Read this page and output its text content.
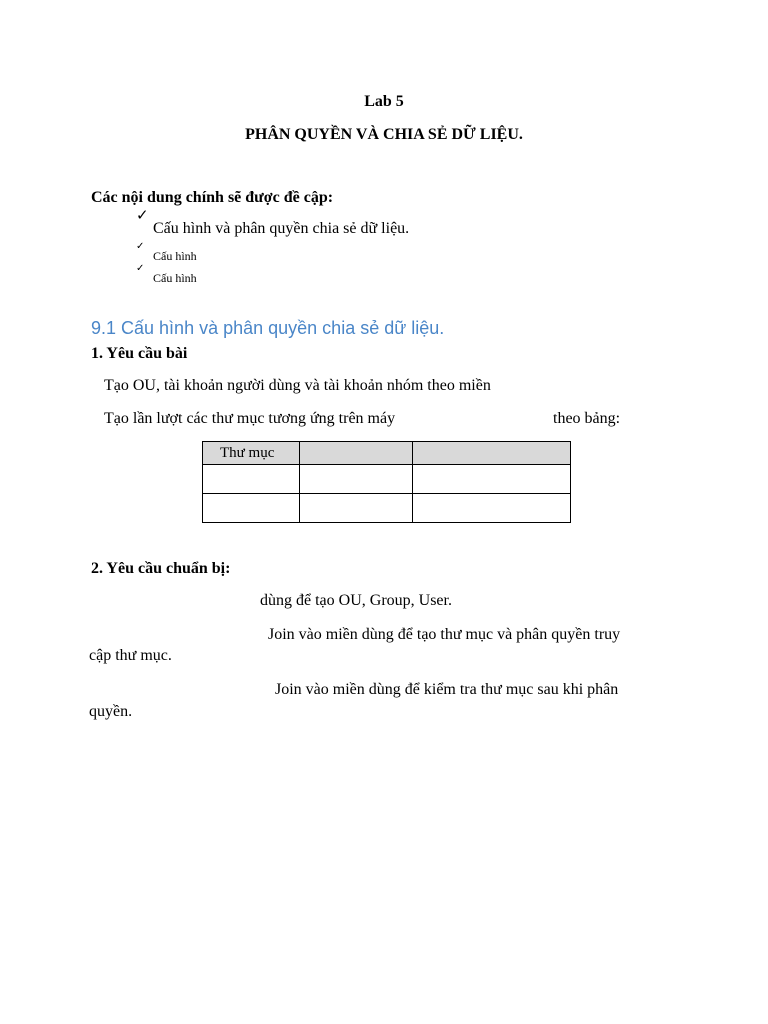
Lab 5
PHÂN QUYỀN VÀ CHIA SẺ DỮ LIỆU.
Các nội dung chính sẽ được đề cập:
✓
Cấu hình và phân quyền chia sẻ dữ liệu.
✓
Cấu hình
✓
Cấu hình
9.1 Cấu hình và phân quyền chia sẻ dữ liệu.
1. Yêu cầu bài
Tạo OU, tài khoản người dùng và tài khoản nhóm theo miền
Tạo lần lượt các thư mục tương ứng trên máy	theo bảng:
Thư mục		

2. Yêu cầu chuẩn bị:
dùng để tạo OU, Group, User.
Join vào miền dùng để tạo thư mục và phân quyền truy
cập thư mục.
Join vào miền dùng để kiểm tra thư mục sau khi phân
quyền.
